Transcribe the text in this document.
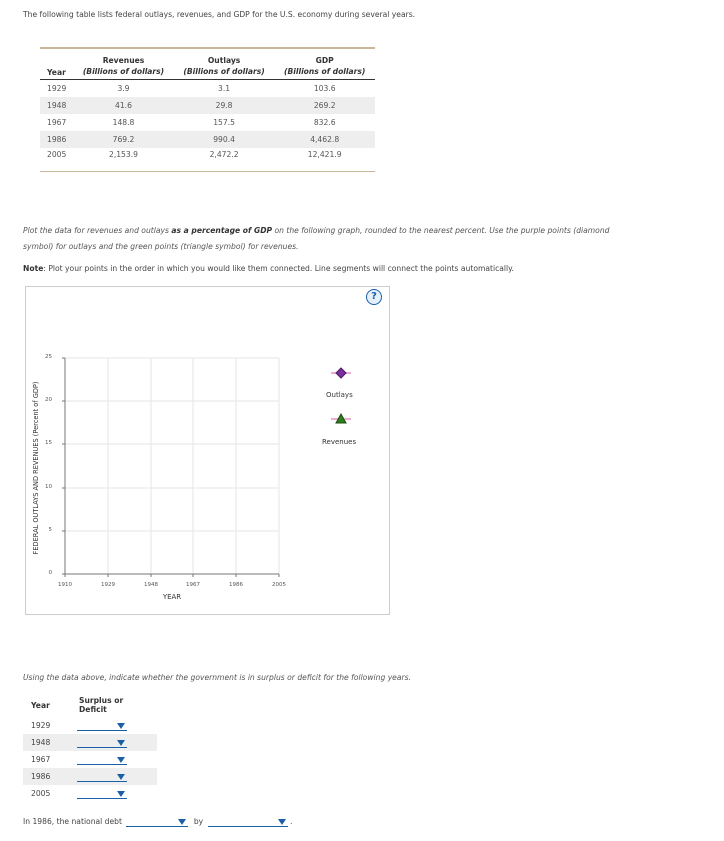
The following table lists federal outlays, revenues, and GDP for the U.S. economy during several years.
	Revenues	Outlays	GDP
Year	(Billions of dollars)	(Billions of dollars)	(Billions of dollars)
1929	3.9	3.1	103.6
1948	41.6	29.8	269.2
1967	148.8	157.5	832.6
1986	769.2	990.4	4,462.8
2005	2,153.9	2,472.2	12,421.9
Plot the data for revenues and outlays as a percentage of GDP on the following graph, rounded to the nearest percent. Use the purple points (diamond symbol) for outlays and the green points (triangle symbol) for revenues.
Note: Plot your points in the order in which you would like them connected. Line segments will connect the points automatically.
?
FEDERAL OUTLAYS AND REVENUES (Percent of GDP)
25
20
15
10
5
0
1910	1929	1948	1967	1986	2005
YEAR
Outlays
Revenues
Using the data above, indicate whether the government is in surplus or deficit for the following years.
Year	Surplus or Deficit
1929	

1948	

1967	

1986	

2005	
In 1986, the national debt	by	.
